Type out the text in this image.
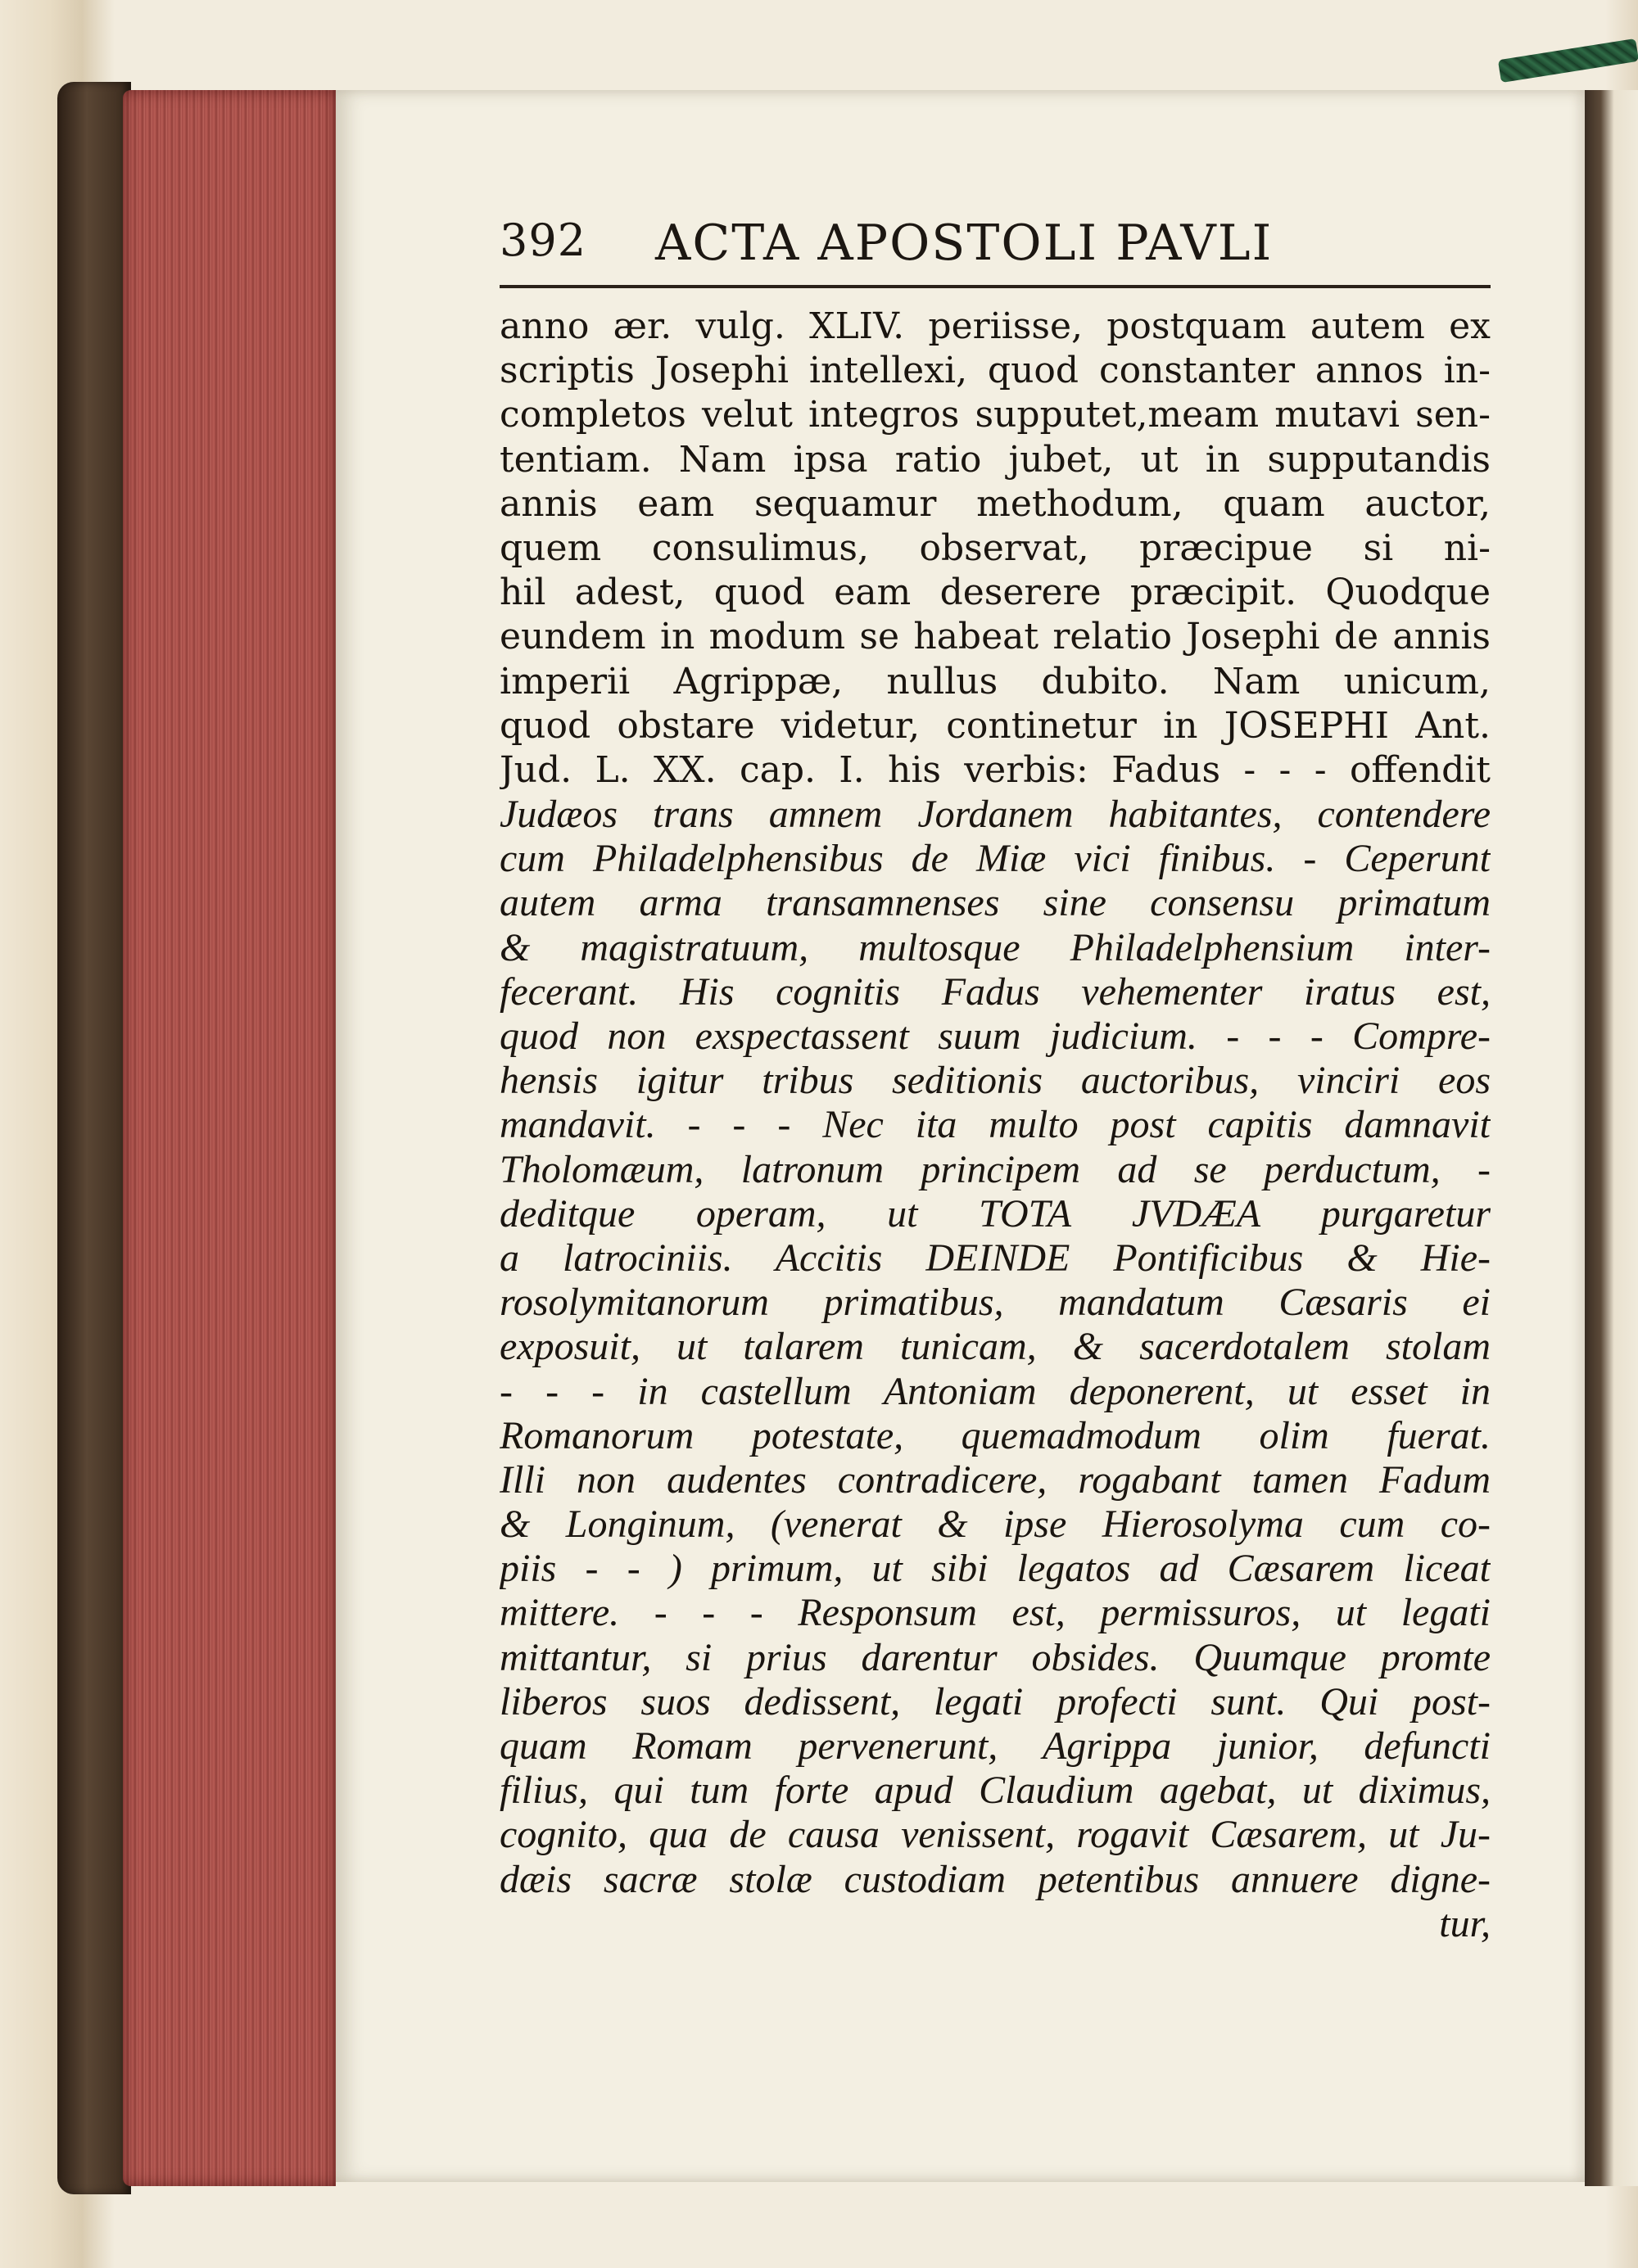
392 ACTA APOSTOLI PAVLI
anno ær. vulg. XLIV. periisse, postquam autem ex
scriptis Josephi intellexi, quod constanter annos in-
completos velut integros supputet,meam mutavi sen-
tentiam. Nam ipsa ratio jubet, ut in supputandis
annis eam sequamur methodum, quam auctor,
quem consulimus, observat, præcipue si ni-
hil adest, quod eam deserere præcipit. Quodque
eundem in modum se habeat relatio Josephi de annis
imperii Agrippæ, nullus dubito. Nam unicum,
quod obstare videtur, continetur in JOSEPHI Ant.
Jud. L. XX. cap. I. his verbis: Fadus - - - offendit
Judæos trans amnem Jordanem habitantes, contendere
cum Philadelphensibus de Miæ vici finibus. - Ceperunt
autem arma transamnenses sine consensu primatum
& magistratuum, multosque Philadelphensium inter-
fecerant. His cognitis Fadus vehementer iratus est,
quod non exspectassent suum judicium. - - - Compre-
hensis igitur tribus seditionis auctoribus, vinciri eos
mandavit. - - - Nec ita multo post capitis damnavit
Tholomæum, latronum principem ad se perductum, -
deditque operam, ut TOTA JVDÆA purgaretur
a latrociniis. Accitis DEINDE Pontificibus & Hie-
rosolymitanorum primatibus, mandatum Cæsaris ei
exposuit, ut talarem tunicam, & sacerdotalem stolam
- - - in castellum Antoniam deponerent, ut esset in
Romanorum potestate, quemadmodum olim fuerat.
Illi non audentes contradicere, rogabant tamen Fadum
& Longinum, (venerat & ipse Hierosolyma cum co-
piis - - ) primum, ut sibi legatos ad Cæsarem liceat
mittere. - - - Responsum est, permissuros, ut legati
mittantur, si prius darentur obsides. Quumque promte
liberos suos dedissent, legati profecti sunt. Qui post-
quam Romam pervenerunt, Agrippa junior, defuncti
filius, qui tum forte apud Claudium agebat, ut diximus,
cognito, qua de causa venissent, rogavit Cæsarem, ut Ju-
dæis sacræ stolæ custodiam petentibus annuere digne-
tur,
